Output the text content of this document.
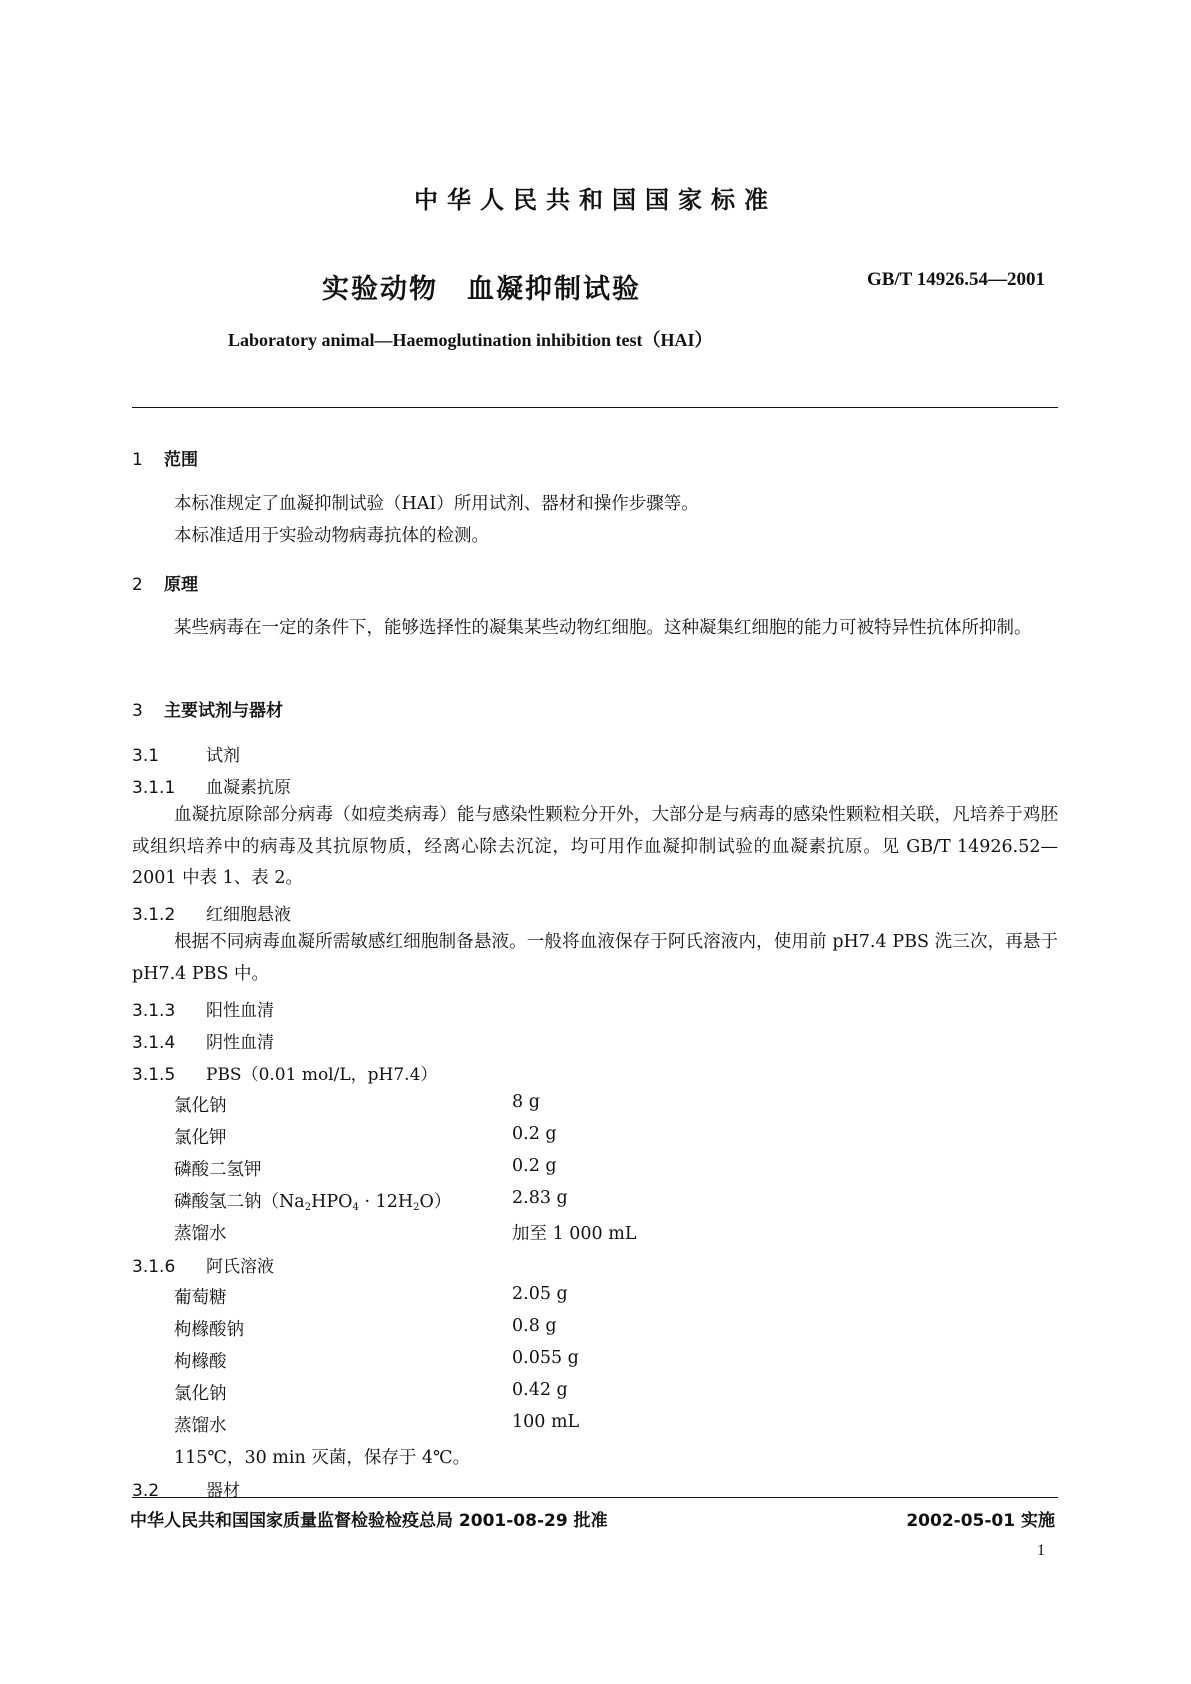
中华人民共和国国家标准
实验动物　血凝抑制试验	GB/T 14926.54—2001
Laboratory animal—Haemoglutination inhibition test（HAI）
1 范围
本标准规定了血凝抑制试验（HAI）所用试剂、器材和操作步骤等。
本标准适用于实验动物病毒抗体的检测。
2 原理
某些病毒在一定的条件下，能够选择性的凝集某些动物红细胞。这种凝集红细胞的能力可被特异性抗体所抑制。
3 主要试剂与器材
3.1	试剂
3.1.1 血凝素抗原
血凝抗原除部分病毒（如痘类病毒）能与感染性颗粒分开外，大部分是与病毒的感染性颗粒相关联，凡培养于鸡胚或组织培养中的病毒及其抗原物质，经离心除去沉淀，均可用作血凝抑制试验的血凝素抗原。见 GB/T 14926.52—2001 中表 1、表 2。
3.1.2 红细胞悬液
根据不同病毒血凝所需敏感红细胞制备悬液。一般将血液保存于阿氏溶液内，使用前 pH7.4 PBS 洗三次，再悬于 pH7.4 PBS 中。
3.1.3 阳性血清
3.1.4 阴性血清
3.1.5 PBS（0.01 mol/L，pH7.4）
氯化钠	8 g
氯化钾	0.2 g
磷酸二氢钾	0.2 g
磷酸氢二钠$(Na_2HPO_4 \cdot 12H_2O)$	2.83 g
蒸馏水	加至 1 000 mL
3.1.6 阿氏溶液
葡萄糖	2.05 g
枸橼酸钠	0.8 g
枸橼酸	0.055 g
氯化钠	0.42 g
蒸馏水	100 mL
115℃，30 min 灭菌，保存于 4℃。
3.2	器材
中华人民共和国国家质量监督检验检疫总局 2001-08-29 批准	2002-05-01 实施
1
